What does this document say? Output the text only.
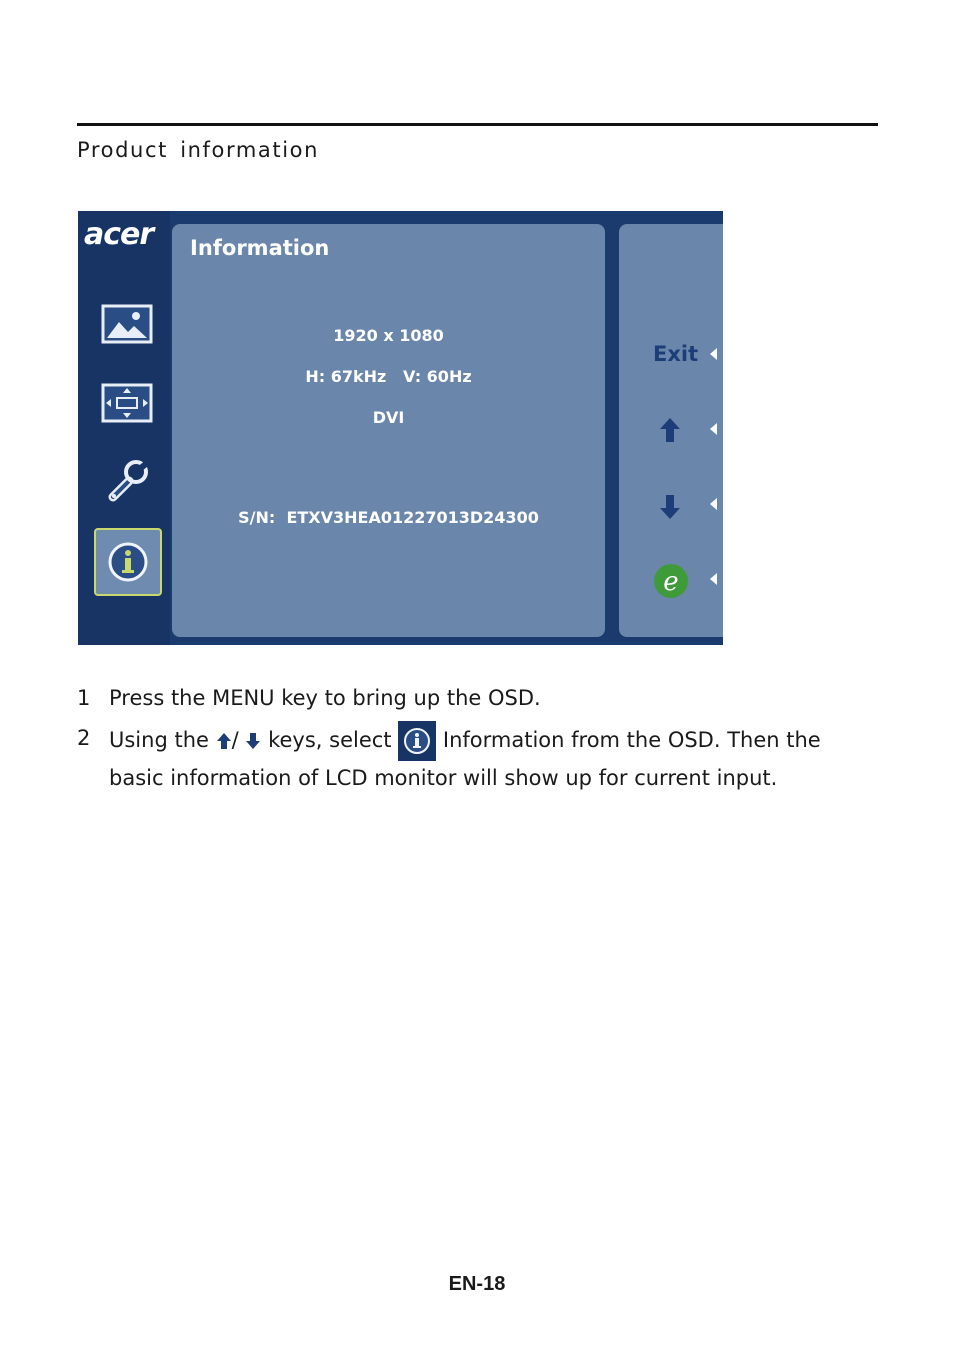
Product information
acer Information
1920 x 1080
H: 67kHz   V: 60Hz
DVI
S/N:  ETXV3HEA01227013D24300
Exit
e
1 Press the MENU key to bring up the OSD.
2 Using the / keys, select Information from the OSD. Then the
basic information of LCD monitor will show up for current input.
EN-18
